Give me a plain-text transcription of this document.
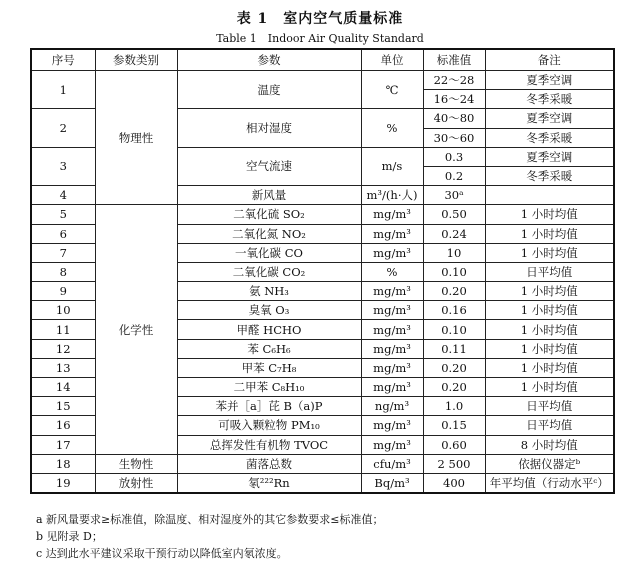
表 1　室内空气质量标准
Table 1　Indoor Air Quality Standard
序号	参数类别	参数	单位	标准值	备注
1	物理性	温度	℃	22～28	夏季空调
				16～24	冬季采暖
2		相对湿度	%	40～80	夏季空调
				30～60	冬季采暖
3		空气流速	m/s	0.3	夏季空调
				0.2	冬季采暖
4		新风量	m³/(h·人)	30ᵃ	
5	化学性	二氧化硫 SO₂	mg/m³	0.50	1 小时均值
6		二氧化氮 NO₂	mg/m³	0.24	1 小时均值
7		一氧化碳 CO	mg/m³	10	1 小时均值
8		二氧化碳 CO₂	%	0.10	日平均值
9		氨 NH₃	mg/m³	0.20	1 小时均值
10		臭氧 O₃	mg/m³	0.16	1 小时均值
11		甲醛 HCHO	mg/m³	0.10	1 小时均值
12		苯 C₆H₆	mg/m³	0.11	1 小时均值
13		甲苯 C₇H₈	mg/m³	0.20	1 小时均值
14		二甲苯 C₈H₁₀	mg/m³	0.20	1 小时均值
15		苯并［a］芘 B（a)P	ng/m³	1.0	日平均值
16		可吸入颗粒物 PM₁₀	mg/m³	0.15	日平均值
17		总挥发性有机物 TVOC	mg/m³	0.60	8 小时均值
18	生物性	菌落总数	cfu/m³	2 500	依据仪器定ᵇ
19	放射性	氡²²²Rn	Bq/m³	400	年平均值（行动水平ᶜ）
a 新风量要求≥标准值，除温度、相对湿度外的其它参数要求≤标准值；
b 见附录 D；
c 达到此水平建议采取干预行动以降低室内氡浓度。
